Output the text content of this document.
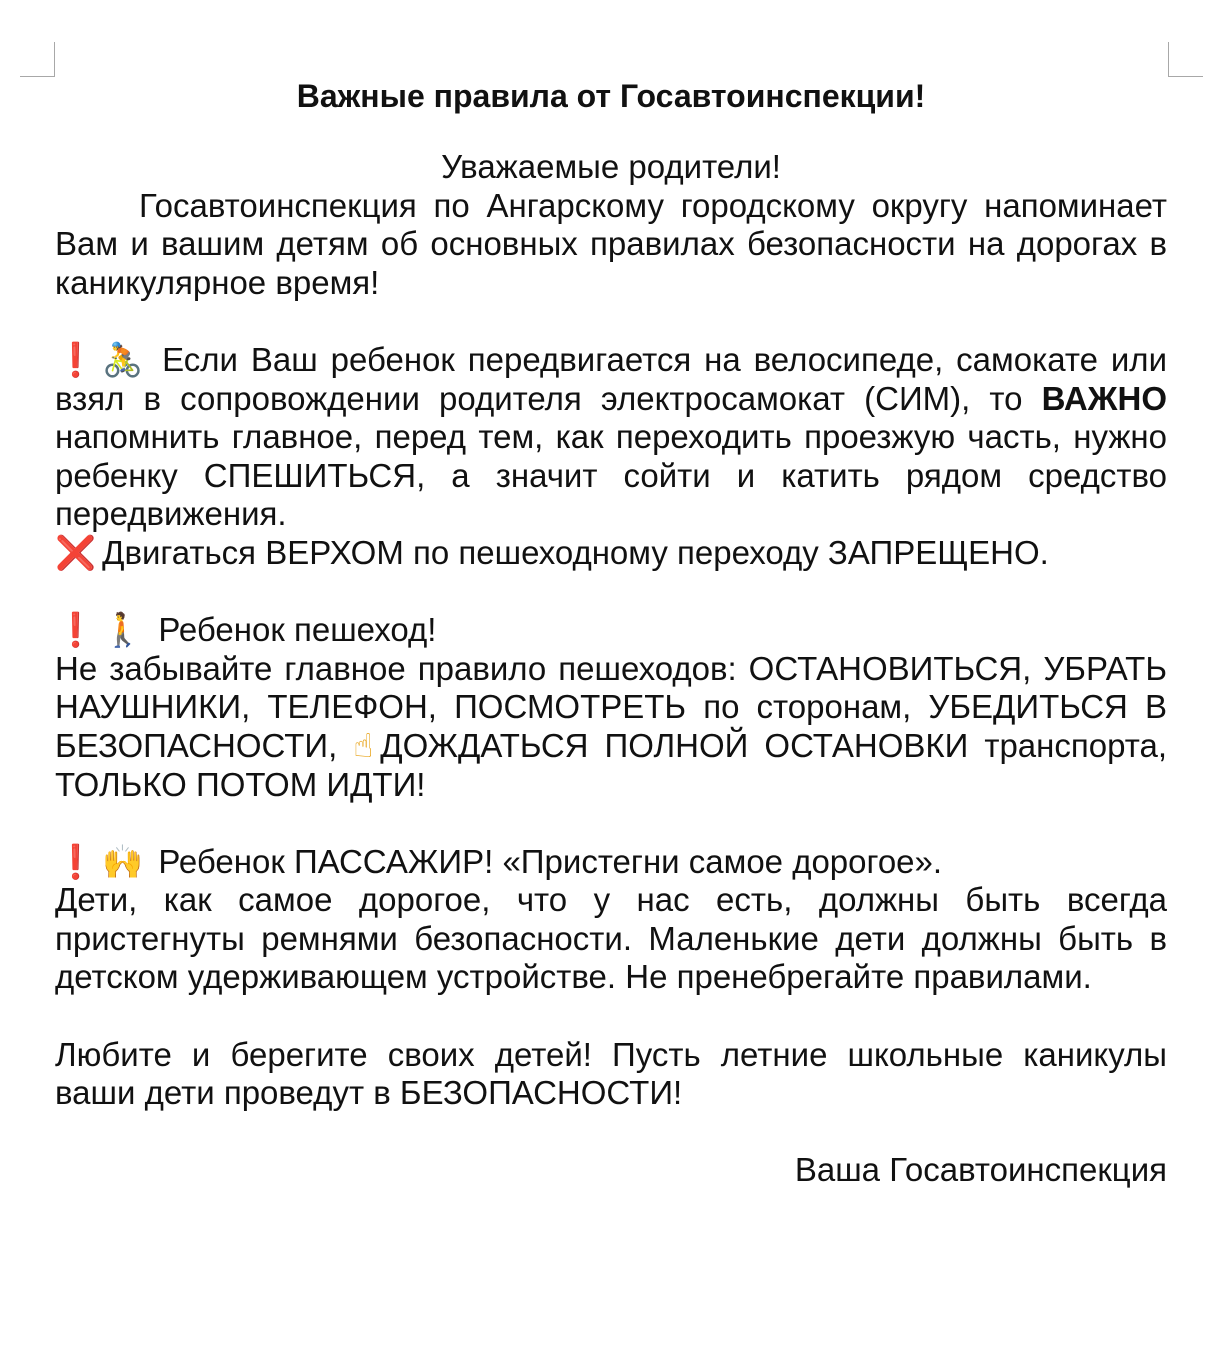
Важные правила от Госавтоинспекции!

Уважаемые родители!

Госавтоинспекция по Ангарскому городскому округу напоминает Вам и вашим детям об основных правилах безопасности на дорогах в каникулярное время!

❗ 🚴 Если Ваш ребенок передвигается на велосипеде, самокате или взял в сопровождении родителя электросамокат (СИМ), то ВАЖНО напомнить главное, перед тем, как переходить проезжую часть, нужно ребенку СПЕШИТЬСЯ, а значит сойти и катить рядом средство передвижения.

❌ Двигаться ВЕРХОМ по пешеходному переходу ЗАПРЕЩЕНО.

❗ 🚶 Ребенок пешеход!

Не забывайте главное правило пешеходов: ОСТАНОВИТЬСЯ, УБРАТЬ НАУШНИКИ, ТЕЛЕФОН, ПОСМОТРЕТЬ по сторонам, УБЕДИТЬСЯ В БЕЗОПАСНОСТИ, ☝ДОЖДАТЬСЯ ПОЛНОЙ ОСТАНОВКИ транспорта, ТОЛЬКО ПОТОМ ИДТИ!

❗ 🙌 Ребенок ПАССАЖИР! «Пристегни самое дорогое».

Дети, как самое дорогое, что у нас есть, должны быть всегда пристегнуты ремнями безопасности. Маленькие дети должны быть в детском удерживающем устройстве. Не пренебрегайте правилами.

Любите и берегите своих детей! Пусть летние школьные каникулы ваши дети проведут в БЕЗОПАСНОСТИ!

Ваша Госавтоинспекция
